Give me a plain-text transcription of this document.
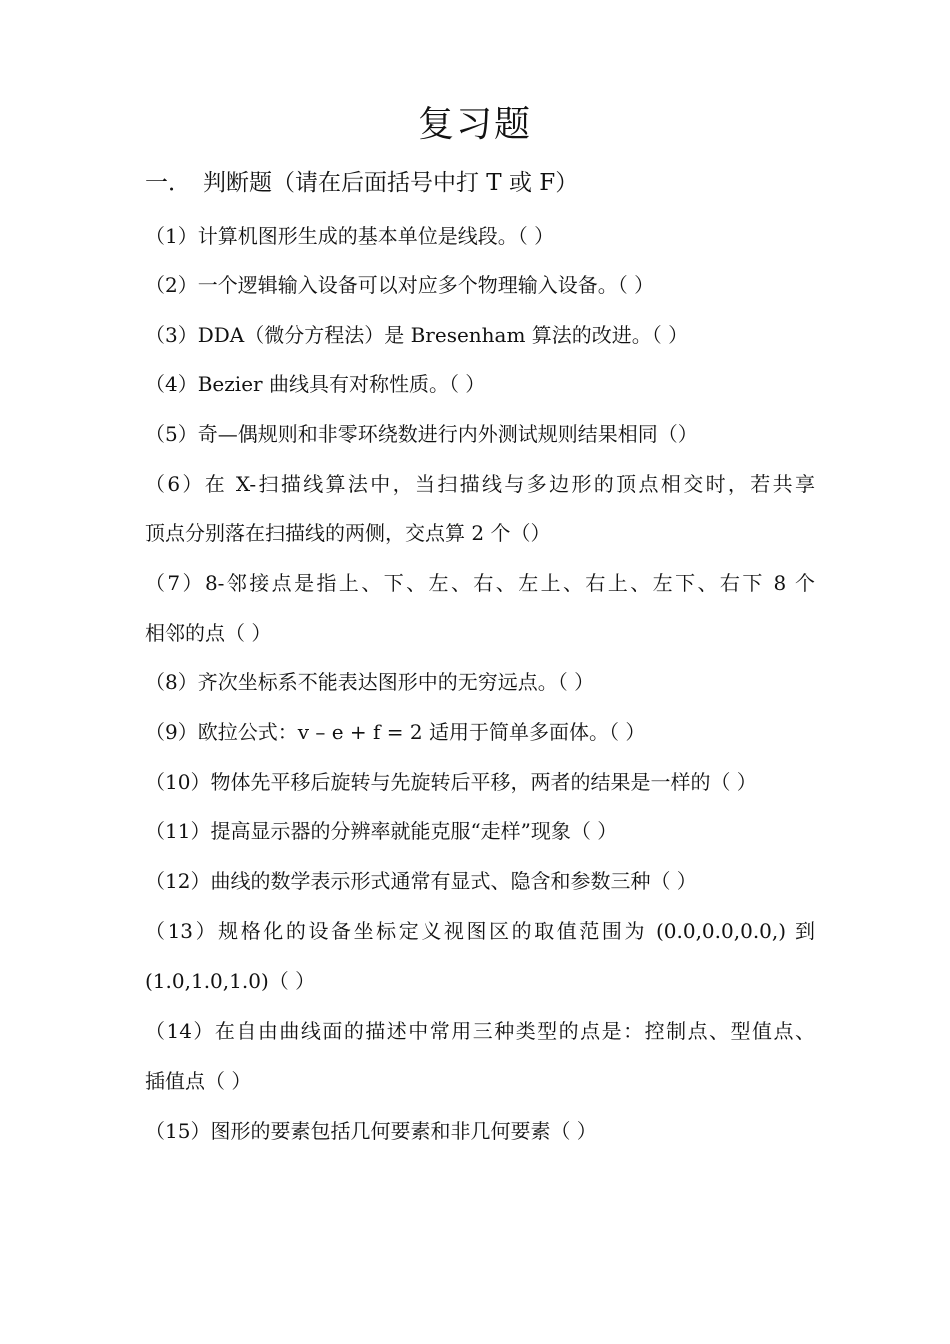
复习题
一． 判断题（请在后面括号中打 T 或 F）
（1）计算机图形生成的基本单位是线段。（ ）
（2）一个逻辑输入设备可以对应多个物理输入设备。（ ）
（3）DDA（微分方程法）是 Bresenham 算法的改进。（ ）
（4）Bezier 曲线具有对称性质。（ ）
（5）奇—偶规则和非零环绕数进行内外测试规则结果相同（）
（6）在 X-扫描线算法中，当扫描线与多边形的顶点相交时，若共享
顶点分别落在扫描线的两侧，交点算 2 个（）
（7）8-邻接点是指上、下、左、右、左上、右上、左下、右下 8 个
相邻的点（ ）
（8）齐次坐标系不能表达图形中的无穷远点。（ ）
（9）欧拉公式：v – e + f = 2 适用于简单多面体。（ ）
（10）物体先平移后旋转与先旋转后平移，两者的结果是一样的（ ）
（11）提高显示器的分辨率就能克服“走样”现象（ ）
（12）曲线的数学表示形式通常有显式、隐含和参数三种（ ）
（13）规格化的设备坐标定义视图区的取值范围为 (0.0,0.0,0.0,) 到
(1.0,1.0,1.0)（ ）
（14）在自由曲线面的描述中常用三种类型的点是：控制点、型值点、
插值点（ ）
（15）图形的要素包括几何要素和非几何要素（ ）
